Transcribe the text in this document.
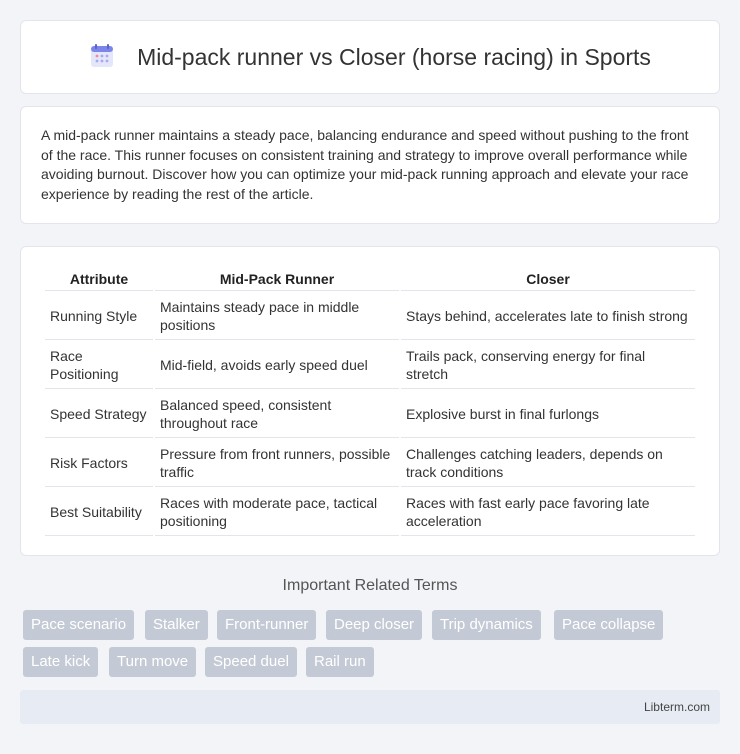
Mid-pack runner vs Closer (horse racing) in Sports

A mid-pack runner maintains a steady pace, balancing endurance and speed without pushing to the front of the race. This runner focuses on consistent training and strategy to improve overall performance while avoiding burnout. Discover how you can optimize your mid-pack running approach and elevate your race experience by reading the rest of the article.

Attribute	Mid-Pack Runner	Closer
Running Style	Maintains steady pace in middle positions	Stays behind, accelerates late to finish strong
Race Positioning	Mid-field, avoids early speed duel	Trails pack, conserving energy for final stretch
Speed Strategy	Balanced speed, consistent throughout race	Explosive burst in final furlongs
Risk Factors	Pressure from front runners, possible traffic	Challenges catching leaders, depends on track conditions
Best Suitability	Races with moderate pace, tactical positioning	Races with fast early pace favoring late acceleration
Important Related Terms
Pace scenario	Stalker	Front-runner	Deep closer	Trip dynamics	Pace collapse
Late kick	Turn move	Speed duel	Rail run
Libterm.com
